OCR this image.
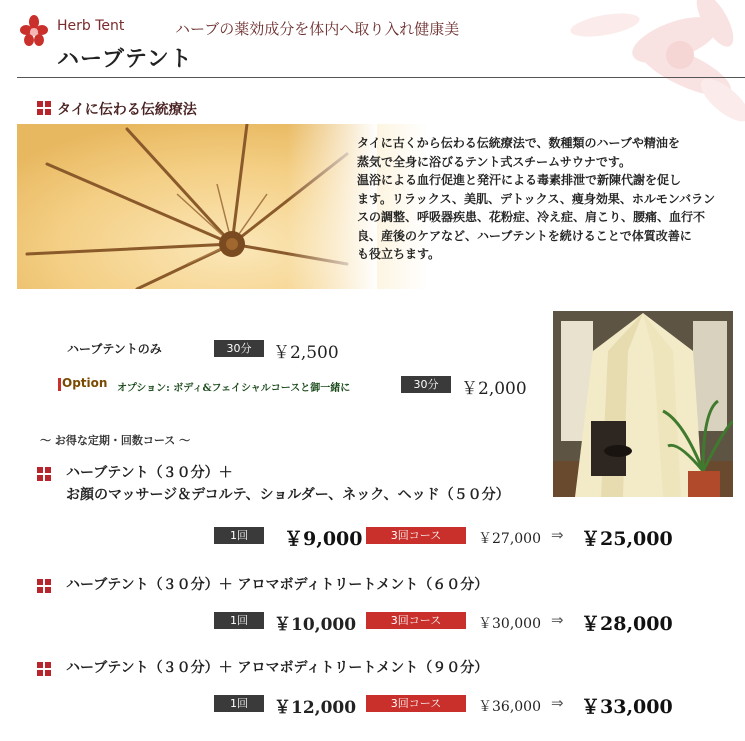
Herb Tent	ハーブの薬効成分を体内へ取り入れ健康美
ハーブテント
タイに伝わる伝統療法
タイに古くから伝わる伝統療法で、数種類のハーブや精油を
蒸気で全身に浴びるテント式スチームサウナです。
温浴による血行促進と発汗による毒素排泄で新陳代謝を促し
ます。リラックス、美肌、デトックス、痩身効果、ホルモンバラン
スの調整、呼吸器疾患、花粉症、冷え症、肩こり、腰痛、血行不
良、産後のケアなど、ハーブテントを続けることで体質改善に
も役立ちます。
ハーブテントのみ	30分	￥2,500
Option オプション: ボディ&フェイシャルコースと御一緒に	30分	￥2,000
～ お得な定期・回数コース ～
ハーブテント（３０分）＋
お顔のマッサージ＆デコルテ、ショルダー、ネック、ヘッド（５０分）
1回	￥9,000	3回コース	￥27,000 ⇒ ￥25,000
ハーブテント（３０分）＋ アロマボディトリートメント（６０分）
1回	￥10,000	3回コース	￥30,000 ⇒ ￥28,000
ハーブテント（３０分）＋ アロマボディトリートメント（９０分）
1回	￥12,000	3回コース	￥36,000 ⇒ ￥33,000
